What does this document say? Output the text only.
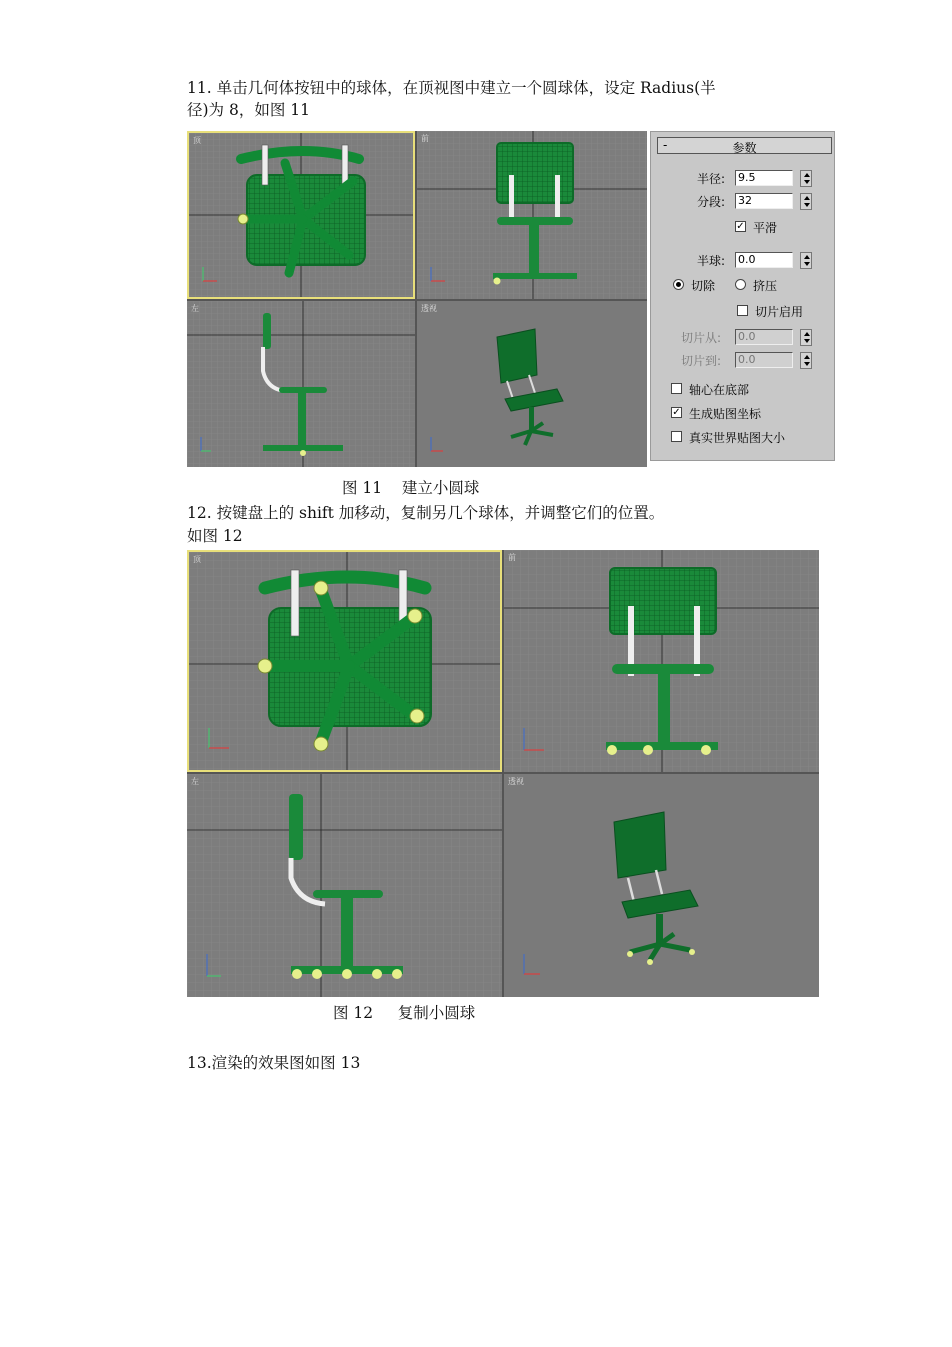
11. 单击几何体按钮中的球体，在顶视图中建立一个圆球体，设定 Radius(半

径)为 8，如图 11

顶	前
左	透视
-	参数
半径: 9.5
分段: 32
✓ 平滑
半球: 0.0
切除	挤压
切片启用
切片从: 0.0
切片到: 0.0
轴心在底部
✓ 生成贴图坐标
真实世界贴图大小
图 11    建立小圆球

12. 按键盘上的 shift 加移动，复制另几个球体，并调整它们的位置。

如图 12

顶	前
左	透视
图 12     复制小圆球

13.渲染的效果图如图 13
